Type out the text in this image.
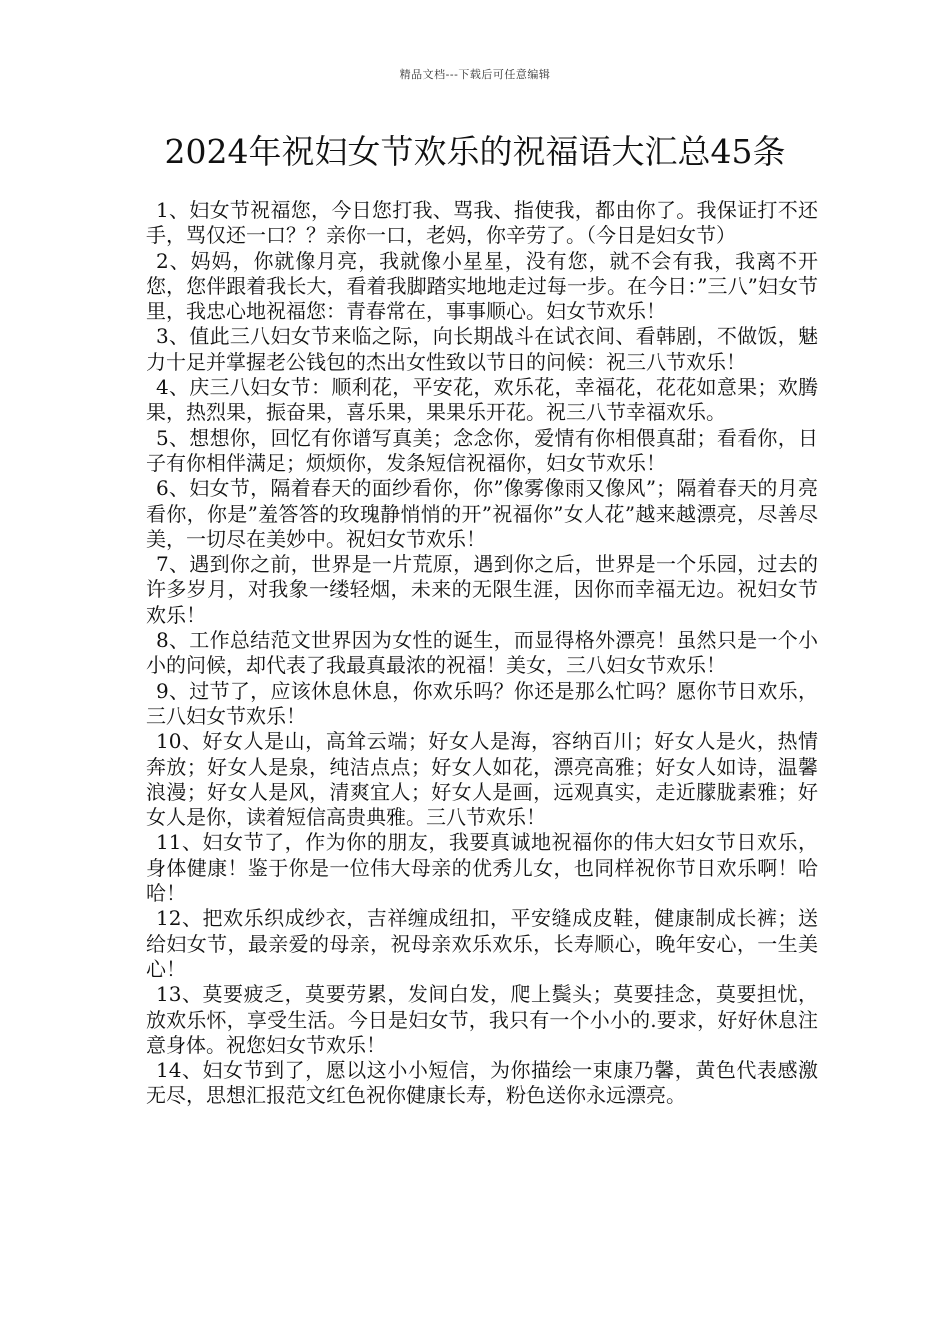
精品文档---下载后可任意编辑
2024年祝妇女节欢乐的祝福语大汇总45条

1、妇女节祝福您，今日您打我、骂我、指使我，都由你了。我保证打不还手，骂仅还一口？？亲你一口，老妈，你辛劳了。（今日是妇女节）

2、妈妈，你就像月亮，我就像小星星，没有您，就不会有我，我离不开您，您伴跟着我长大，看着我脚踏实地地走过每一步。在今日：”三八”妇女节里，我忠心地祝福您：青春常在，事事顺心。妇女节欢乐！

3、值此三八妇女节来临之际，向长期战斗在试衣间、看韩剧，不做饭，魅力十足并掌握老公钱包的杰出女性致以节日的问候：祝三八节欢乐！

4、庆三八妇女节：顺利花，平安花，欢乐花，幸福花，花花如意果；欢腾果，热烈果，振奋果，喜乐果，果果乐开花。祝三八节幸福欢乐。

5、想想你，回忆有你谱写真美；念念你，爱情有你相偎真甜；看看你，日子有你相伴满足；烦烦你，发条短信祝福你，妇女节欢乐！

6、妇女节，隔着春天的面纱看你，你”像雾像雨又像风”；隔着春天的月亮看你，你是”羞答答的玫瑰静悄悄的开”祝福你”女人花”越来越漂亮，尽善尽美，一切尽在美妙中。祝妇女节欢乐！

7、遇到你之前，世界是一片荒原，遇到你之后，世界是一个乐园，过去的许多岁月，对我象一缕轻烟，未来的无限生涯，因你而幸福无边。祝妇女节欢乐！

8、工作总结范文世界因为女性的诞生，而显得格外漂亮！虽然只是一个小小的问候，却代表了我最真最浓的祝福！美女，三八妇女节欢乐！

9、过节了，应该休息休息，你欢乐吗？你还是那么忙吗？愿你节日欢乐，三八妇女节欢乐！

10、好女人是山，高耸云端；好女人是海，容纳百川；好女人是火，热情奔放；好女人是泉，纯洁点点；好女人如花，漂亮高雅；好女人如诗，温馨浪漫；好女人是风，清爽宜人；好女人是画，远观真实，走近朦胧素雅；好女人是你，读着短信高贵典雅。三八节欢乐！

11、妇女节了，作为你的朋友，我要真诚地祝福你的伟大妇女节日欢乐，身体健康！鉴于你是一位伟大母亲的优秀儿女，也同样祝你节日欢乐啊！哈哈！

12、把欢乐织成纱衣，吉祥缠成纽扣，平安缝成皮鞋，健康制成长裤；送给妇女节，最亲爱的母亲，祝母亲欢乐欢乐，长寿顺心，晚年安心，一生美心！

13、莫要疲乏，莫要劳累，发间白发，爬上鬓头；莫要挂念，莫要担忧，放欢乐怀，享受生活。今日是妇女节，我只有一个小小的.要求，好好休息注意身体。祝您妇女节欢乐！

14、妇女节到了，愿以这小小短信，为你描绘一束康乃馨，黄色代表感激无尽，思想汇报范文红色祝你健康长寿，粉色送你永远漂亮。
